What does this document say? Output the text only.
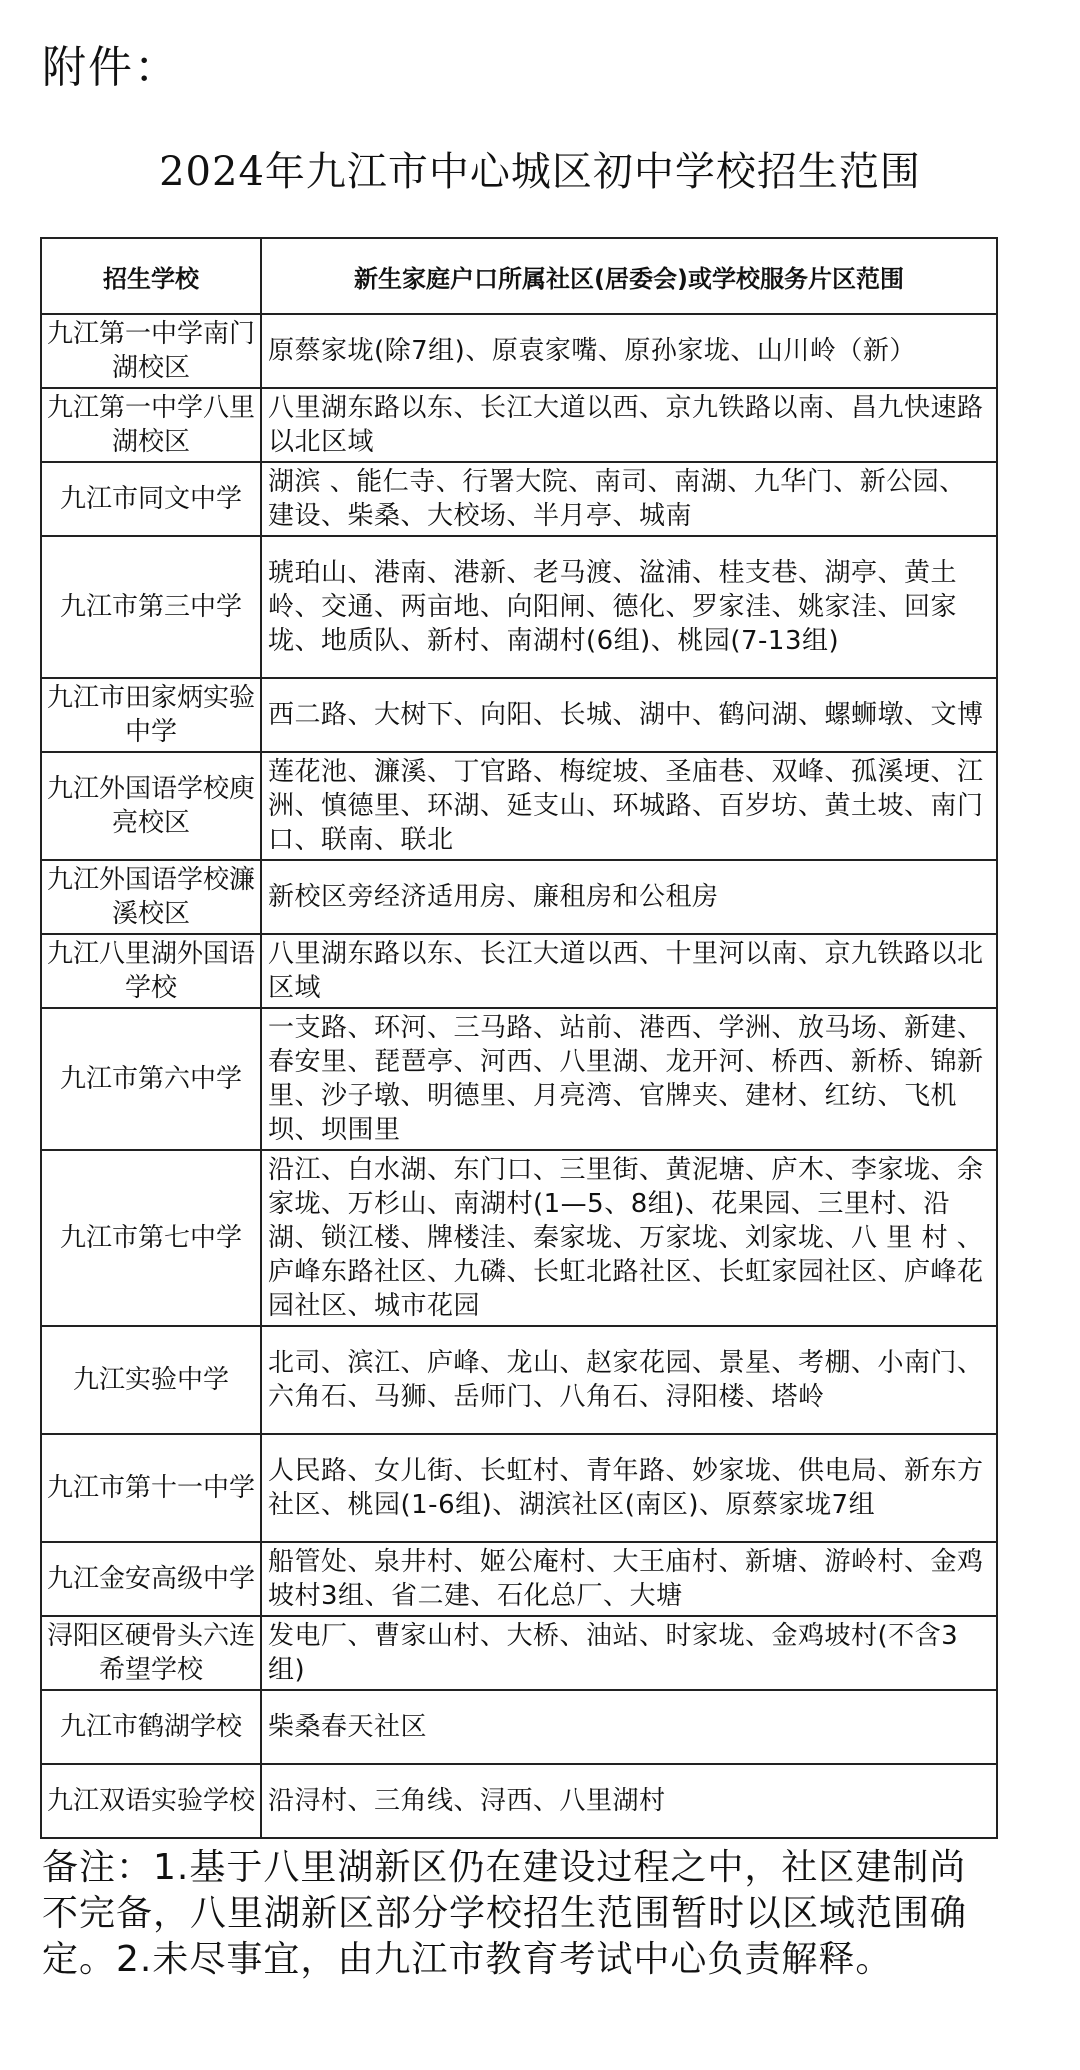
附件：
2024年九江市中心城区初中学校招生范围
招生学校	新生家庭户口所属社区(居委会)或学校服务片区范围
九江第一中学南门湖校区	原蔡家垅(除7组)、原袁家嘴、原孙家垅、山川岭（新）
九江第一中学八里湖校区	八里湖东路以东、长江大道以西、京九铁路以南、昌九快速路以北区域
九江市同文中学	湖滨 、能仁寺、行署大院、南司、南湖、九华门、新公园、建设、柴桑、大校场、半月亭、城南
九江市第三中学	琥珀山、港南、港新、老马渡、湓浦、桂支巷、湖亭、黄土岭、交通、两亩地、向阳闸、德化、罗家洼、姚家洼、回家垅、地质队、新村、南湖村(6组)、桃园(7-13组)
九江市田家炳实验中学	西二路、大树下、向阳、长城、湖中、鹤问湖、螺蛳墩、文博
九江外国语学校庾亮校区	莲花池、濂溪、丁官路、梅绽坡、圣庙巷、双峰、孤溪埂、江洲、慎德里、环湖、延支山、环城路、百岁坊、黄土坡、南门口、联南、联北
九江外国语学校濂溪校区	新校区旁经济适用房、廉租房和公租房
九江八里湖外国语学校	八里湖东路以东、长江大道以西、十里河以南、京九铁路以北区域
九江市第六中学	一支路、环河、三马路、站前、港西、学洲、放马场、新建、春安里、琵琶亭、河西、八里湖、龙开河、桥西、新桥、锦新里、沙子墩、明德里、月亮湾、官牌夹、建材、红纺、飞机坝、坝围里
九江市第七中学	沿江、白水湖、东门口、三里街、黄泥塘、庐木、李家垅、余家垅、万杉山、南湖村(1—5、8组)、花果园、三里村、沿湖、锁江楼、牌楼洼、秦家垅、万家垅、刘家垅、八 里 村 、庐峰东路社区、九磷、长虹北路社区、长虹家园社区、庐峰花园社区、城市花园
九江实验中学	北司、滨江、庐峰、龙山、赵家花园、景星、考棚、小南门、六角石、马狮、岳师门、八角石、浔阳楼、塔岭
九江市第十一中学	人民路、女儿街、长虹村、青年路、妙家垅、供电局、新东方社区、桃园(1-6组)、湖滨社区(南区)、原蔡家垅7组
九江金安高级中学	船管处、泉井村、姬公庵村、大王庙村、新塘、游岭村、金鸡坡村3组、省二建、石化总厂、大塘
浔阳区硬骨头六连希望学校	发电厂、曹家山村、大桥、油站、时家垅、金鸡坡村(不含3组)
九江市鹤湖学校	柴桑春天社区
九江双语实验学校	沿浔村、三角线、浔西、八里湖村
备注：1.基于八里湖新区仍在建设过程之中，社区建制尚不完备，八里湖新区部分学校招生范围暂时以区域范围确定。2.未尽事宜，由九江市教育考试中心负责解释。
